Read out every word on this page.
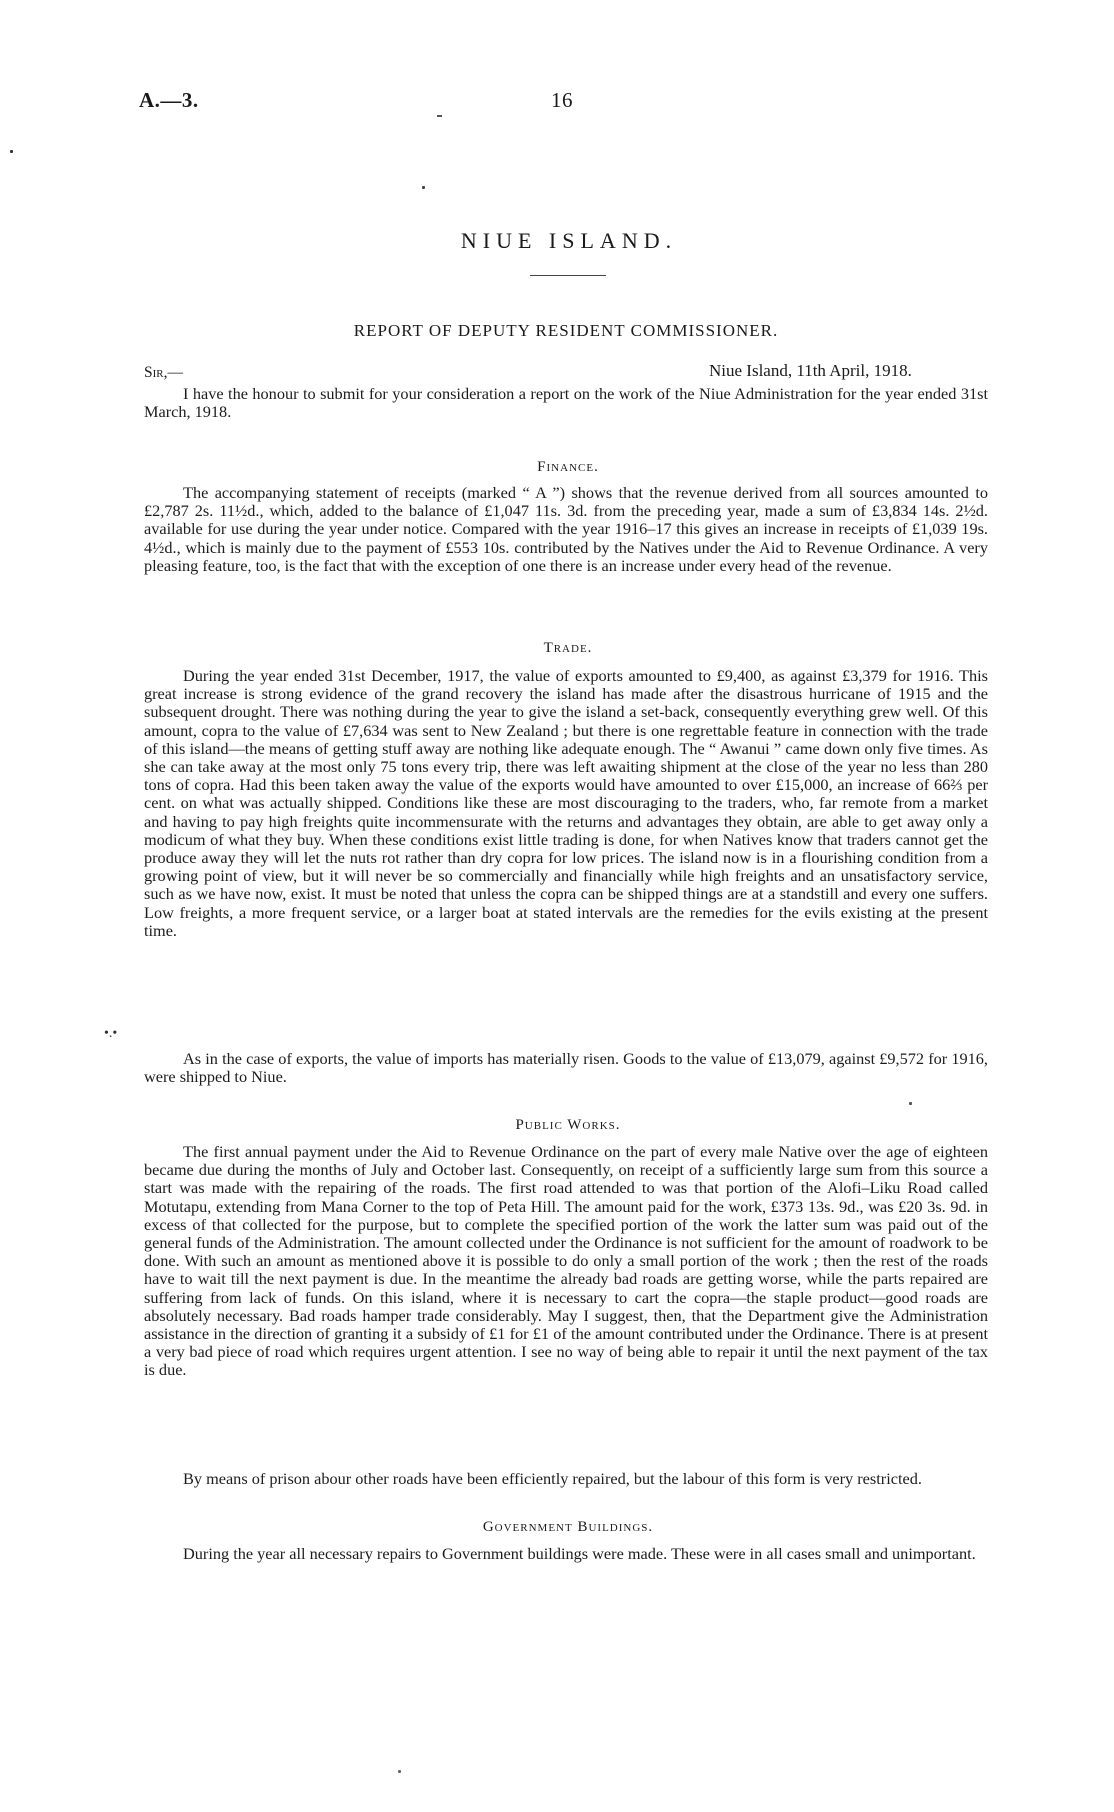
A.—3.	16
NIUE ISLAND.
REPORT OF DEPUTY RESIDENT COMMISSIONER.
Sir,—	Niue Island, 11th April, 1918.

I have the honour to submit for your consideration a report on the work of the Niue Administration for the year ended 31st March, 1918.

Finance.

The accompanying statement of receipts (marked “ A ”) shows that the revenue derived from all sources amounted to £2,787 2s. 11½d., which, added to the balance of £1,047 11s. 3d. from the preceding year, made a sum of £3,834 14s. 2½d. available for use during the year under notice. Compared with the year 1916–17 this gives an increase in receipts of £1,039 19s. 4½d., which is mainly due to the payment of £553 10s. contributed by the Natives under the Aid to Revenue Ordinance. A very pleasing feature, too, is the fact that with the exception of one there is an increase under every head of the revenue.

Trade.

During the year ended 31st December, 1917, the value of exports amounted to £9,400, as against £3,379 for 1916. This great increase is strong evidence of the grand recovery the island has made after the disastrous hurricane of 1915 and the subsequent drought. There was nothing during the year to give the island a set-back, consequently everything grew well. Of this amount, copra to the value of £7,634 was sent to New Zealand ; but there is one regrettable feature in connection with the trade of this island—the means of getting stuff away are nothing like adequate enough. The “ Awanui ” came down only five times. As she can take away at the most only 75 tons every trip, there was left awaiting shipment at the close of the year no less than 280 tons of copra. Had this been taken away the value of the exports would have amounted to over £15,000, an increase of 66⅔ per cent. on what was actually shipped. Conditions like these are most discouraging to the traders, who, far remote from a market and having to pay high freights quite incommensurate with the returns and advantages they obtain, are able to get away only a modicum of what they buy. When these conditions exist little trading is done, for when Natives know that traders cannot get the produce away they will let the nuts rot rather than dry copra for low prices. The island now is in a flourishing condition from a growing point of view, but it will never be so commercially and financially while high freights and an unsatisfactory service, such as we have now, exist. It must be noted that unless the copra can be shipped things are at a standstill and every one suffers. Low freights, a more frequent service, or a larger boat at stated intervals are the remedies for the evils existing at the present time.

As in the case of exports, the value of imports has materially risen. Goods to the value of £13,079, against £9,572 for 1916, were shipped to Niue.

Public Works.

The first annual payment under the Aid to Revenue Ordinance on the part of every male Native over the age of eighteen became due during the months of July and October last. Consequently, on receipt of a sufficiently large sum from this source a start was made with the repairing of the roads. The first road attended to was that portion of the Alofi–Liku Road called Motutapu, extending from Mana Corner to the top of Peta Hill. The amount paid for the work, £373 13s. 9d., was £20 3s. 9d. in excess of that collected for the purpose, but to complete the specified portion of the work the latter sum was paid out of the general funds of the Administration. The amount collected under the Ordinance is not sufficient for the amount of roadwork to be done. With such an amount as mentioned above it is possible to do only a small portion of the work ; then the rest of the roads have to wait till the next payment is due. In the meantime the already bad roads are getting worse, while the parts repaired are suffering from lack of funds. On this island, where it is necessary to cart the copra—the staple product—good roads are absolutely necessary. Bad roads hamper trade considerably. May I suggest, then, that the Department give the Administration assistance in the direction of granting it a subsidy of £1 for £1 of the amount contributed under the Ordinance. There is at present a very bad piece of road which requires urgent attention. I see no way of being able to repair it until the next payment of the tax is due.

By means of prison abour other roads have been efficiently repaired, but the labour of this form is very restricted.

Government Buildings.

During the year all necessary repairs to Government buildings were made. These were in all cases small and unimportant.

•.•
